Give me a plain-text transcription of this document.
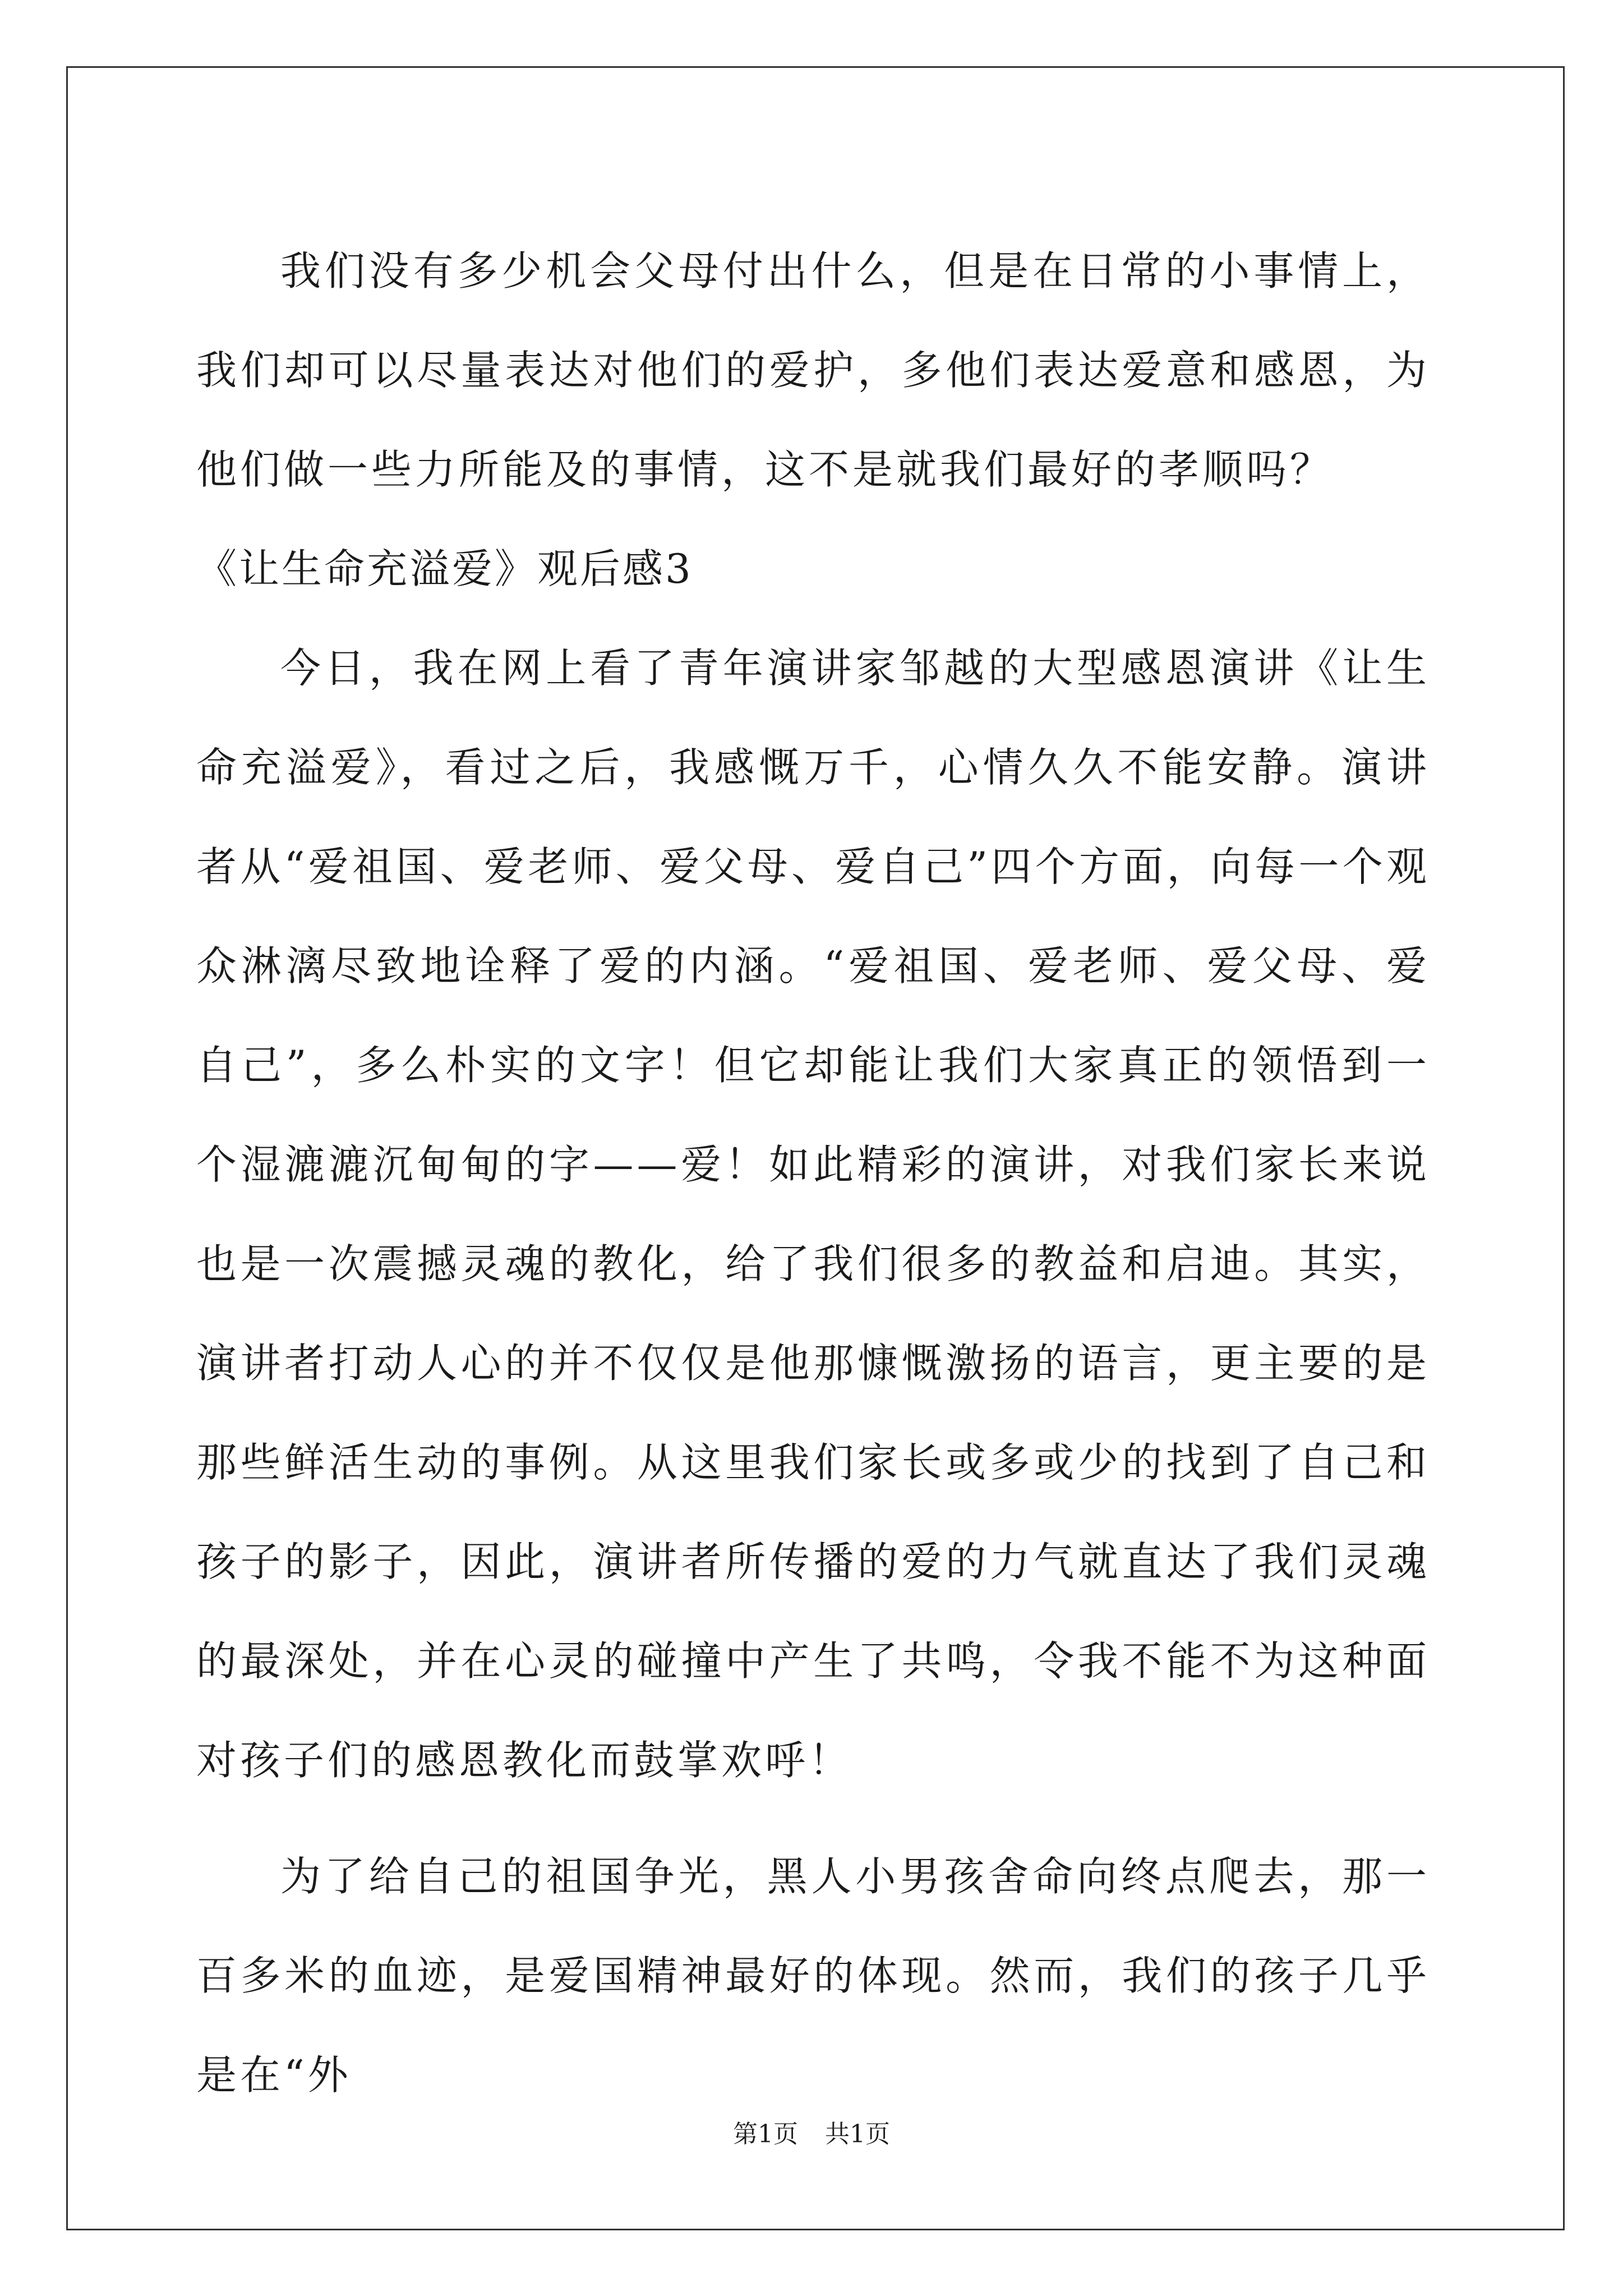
我们没有多少机会父母付出什么，但是在日常的小事情上，我们却可以尽量表达对他们的爱护，多他们表达爱意和感恩，为他们做一些力所能及的事情，这不是就我们最好的孝顺吗？

《让生命充溢爱》观后感3

今日，我在网上看了青年演讲家邹越的大型感恩演讲《让生命充溢爱》，看过之后，我感慨万千，心情久久不能安静。演讲者从“爱祖国、爱老师、爱父母、爱自己”四个方面，向每一个观众淋漓尽致地诠释了爱的内涵。“爱祖国、爱老师、爱父母、爱自己”，多么朴实的文字！但它却能让我们大家真正的领悟到一个湿漉漉沉甸甸的字——爱！如此精彩的演讲，对我们家长来说也是一次震撼灵魂的教化，给了我们很多的教益和启迪。其实，演讲者打动人心的并不仅仅是他那慷慨激扬的语言，更主要的是那些鲜活生动的事例。从这里我们家长或多或少的找到了自己和孩子的影子，因此，演讲者所传播的爱的力气就直达了我们灵魂的最深处，并在心灵的碰撞中产生了共鸣，令我不能不为这种面对孩子们的感恩教化而鼓掌欢呼！

为了给自己的祖国争光，黑人小男孩舍命向终点爬去，那一百多米的血迹，是爱国精神最好的体现。然而，我们的孩子几乎是在“外

第1页 共1页
